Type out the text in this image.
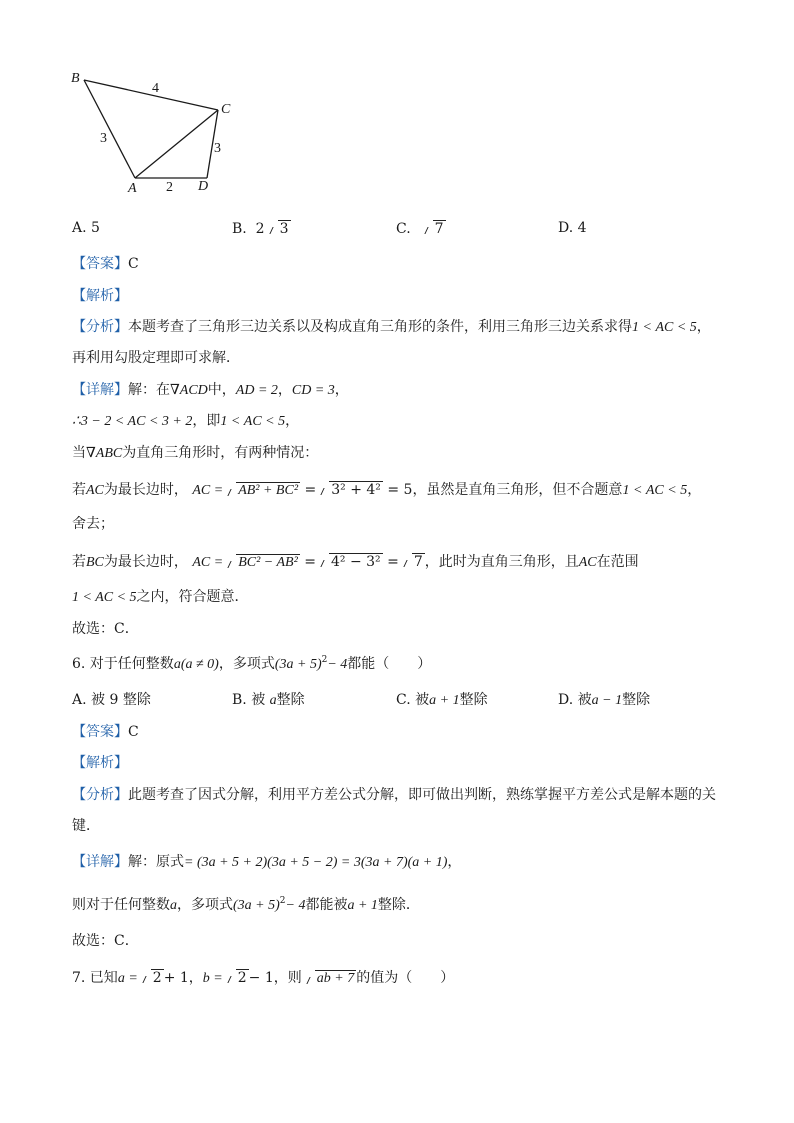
B
C
A	D
4
3
3
2
A. 5	B. 2 3	C. 7	D. 4
【答案】C
【解析】
【分析】本题考查了三角形三边关系以及构成直角三角形的条件，利用三角形三边关系求得1 < AC < 5，
再利用勾股定理即可求解．
【详解】解：在∇ACD中，AD = 2，CD = 3，
∴3 − 2 < AC < 3 + 2，即1 < AC < 5，
当∇ABC为直角三角形时，有两种情况：
若AC为最长边时， AC = AB² + BC² = 3² + 4² = 5，虽然是直角三角形，但不合题意1 < AC < 5，
舍去；
若BC为最长边时， AC = BC² − AB² = 4² − 3² = 7 ，此时为直角三角形，且AC在范围
1 < AC < 5之内，符合题意．
故选：C．
6. 对于任何整数a(a ≠ 0)，多项式$(3a + 5)^2- 4$都能（　　）
A. 被 9 整除	B. 被 a整除	C. 被a + 1整除	D. 被a − 1整除
【答案】C
【解析】
【分析】此题考查了因式分解，利用平方差公式分解，即可做出判断，熟练掌握平方差公式是解本题的关
键．
【详解】解：原式= (3a + 5 + 2)(3a + 5 − 2) = 3(3a + 7)(a + 1)，
则对于任何整数a，多项式$(3a + 5)^2- 4$都能被a + 1整除．
故选：C．
7. 已知a = 2 + 1，b = 2 − 1，则 ab + 7 的值为（　　）
